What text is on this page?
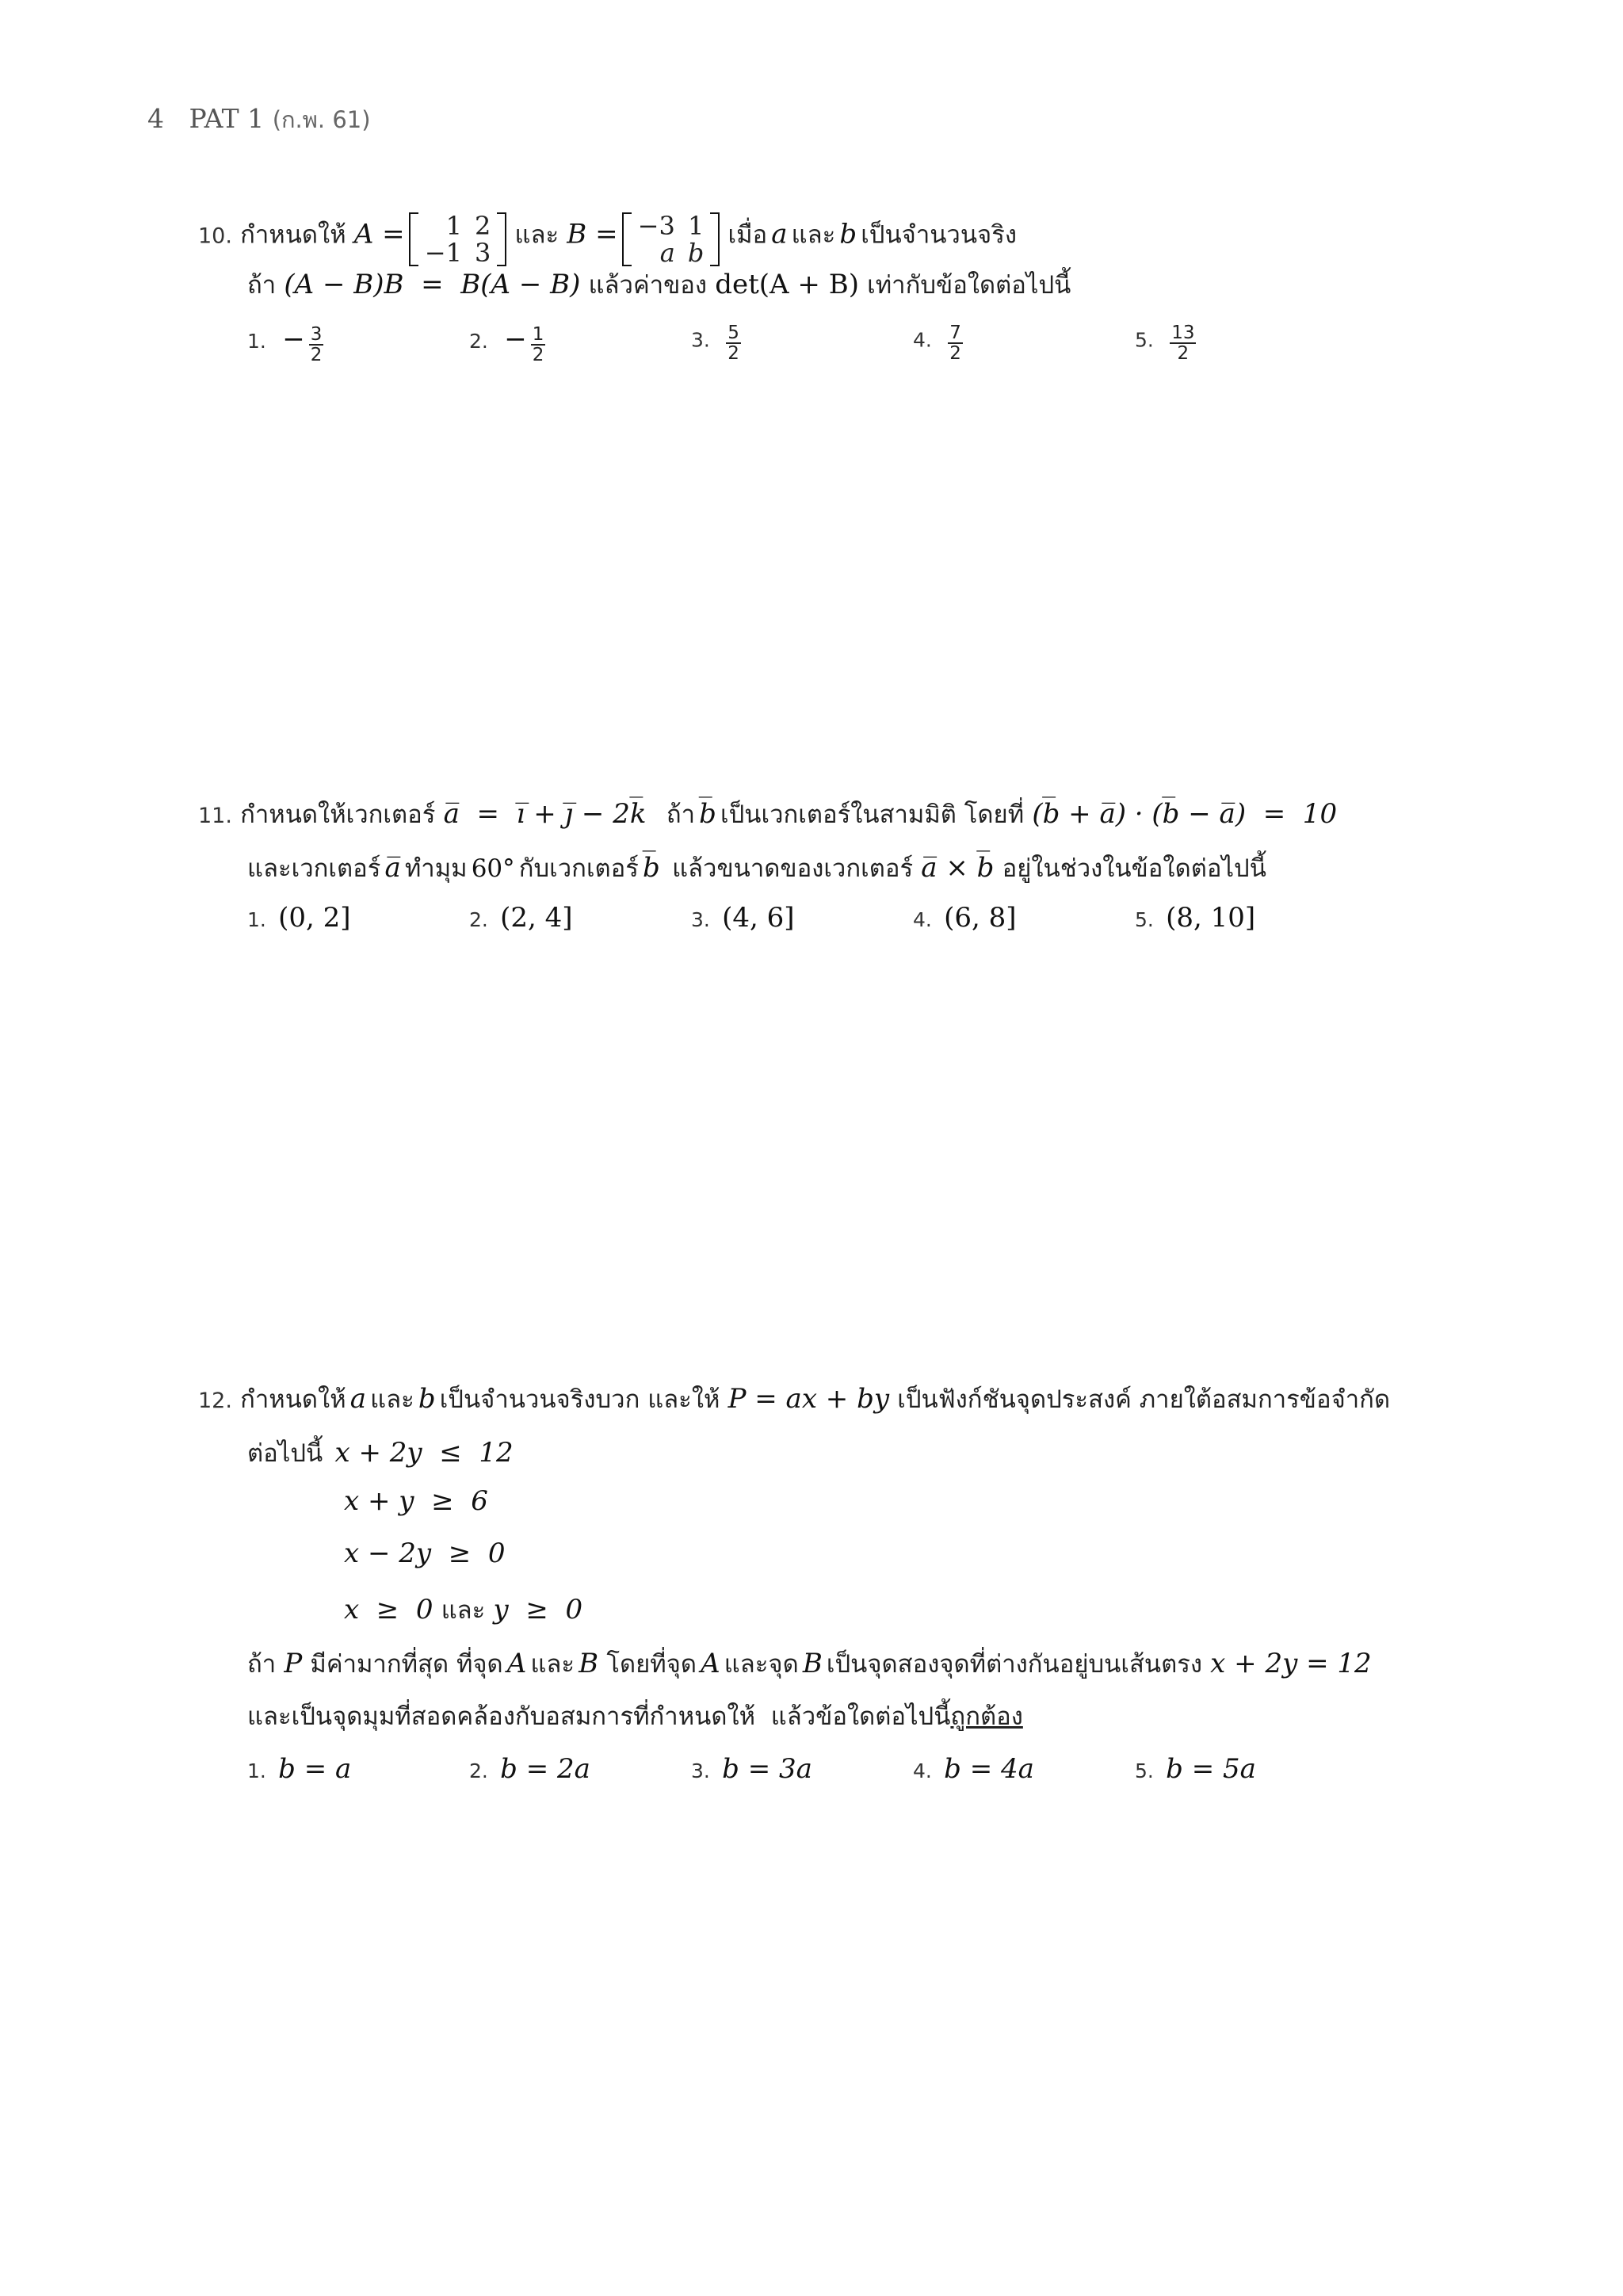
4 PAT 1 (ก.พ. 61)
10. กำหนดให้ A = 1	2
−1	3
และ B = −3	1
a	b
เมื่อ a และ b เป็นจำนวนจริง
ถ้า (A − B)B  =  B(A − B) แล้วค่าของ det(A + B) เท่ากับข้อใดต่อไปนี้
1. − $\frac{3}{2}$	2. − $\frac{1}{2}$	3. $\frac{5}{2}$	4. $\frac{7}{2}$	5. $\frac{13}{2}$
11. กำหนดให้เวกเตอร์ a̅  =  ı̅ + ȷ̅ − 2k̅ ถ้า b̅ เป็นเวกเตอร์ในสามมิติ โดยที่ (b̅ + a̅) · (b̅ − a̅)  =  10
และเวกเตอร์ a̅ ทำมุม 60° กับเวกเตอร์ b̅ แล้วขนาดของเวกเตอร์ a̅ × b̅ อยู่ในช่วงในข้อใดต่อไปนี้
1. (0, 2]	2. (2, 4]	3. (4, 6]	4. (6, 8]	5. (8, 10]
12. กำหนดให้ a และ b เป็นจำนวนจริงบวก และให้ P = ax + by เป็นฟังก์ชันจุดประสงค์ ภายใต้อสมการข้อจำกัด
ต่อไปนี้ x + 2y  ≤  12
x + y  ≥  6
x − 2y  ≥  0
x  ≥  0 และ y  ≥  0
ถ้า P มีค่ามากที่สุด ที่จุด A และ B โดยที่จุด A และจุด B เป็นจุดสองจุดที่ต่างกันอยู่บนเส้นตรง x + 2y = 12
และเป็นจุดมุมที่สอดคล้องกับอสมการที่กำหนดให้  แล้วข้อใดต่อไปนี้ถูกต้อง
1. b = a	2. b = 2a	3. b = 3a	4. b = 4a	5. b = 5a
